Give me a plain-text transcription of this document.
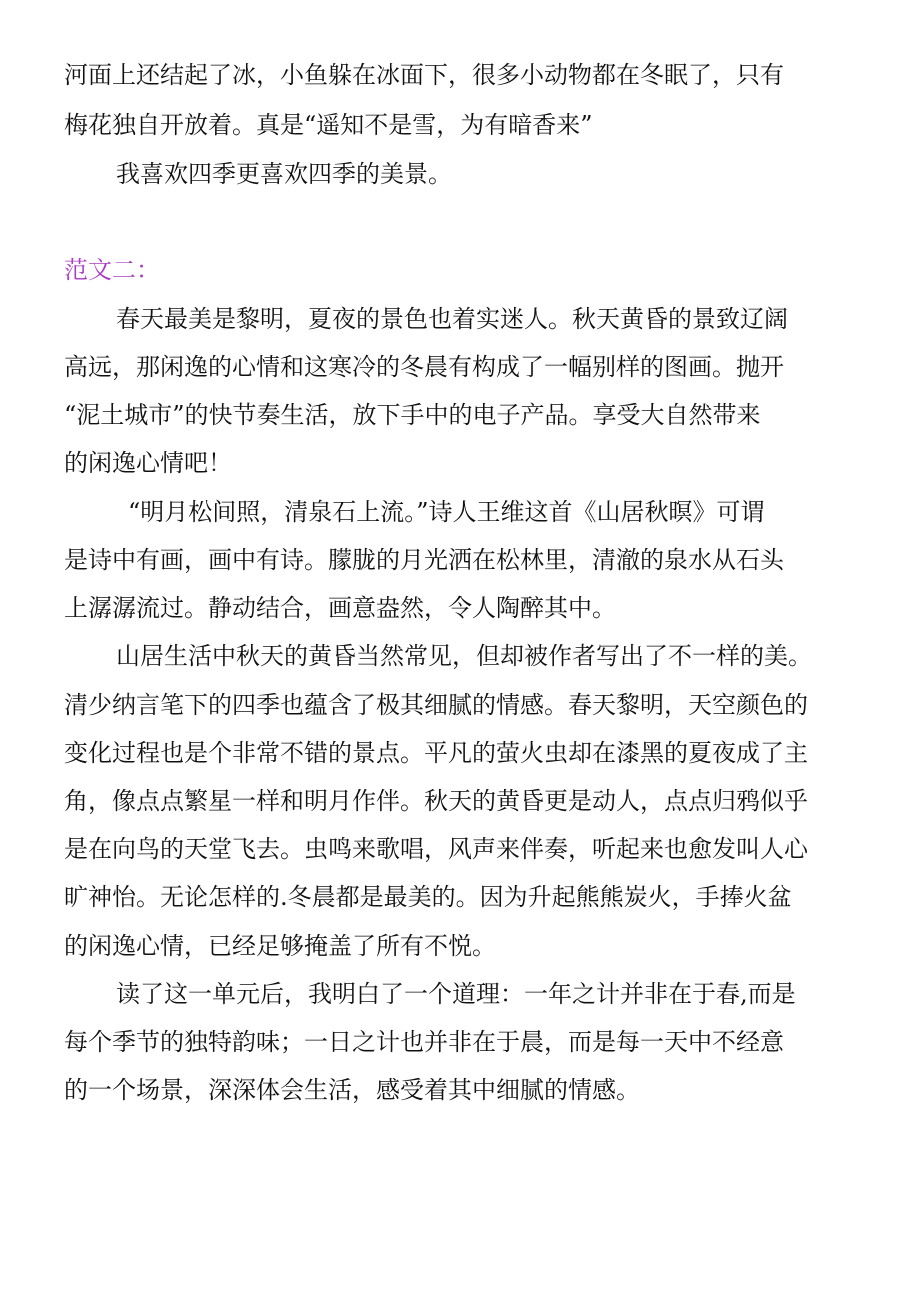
河面上还结起了冰，小鱼躲在冰面下，很多小动物都在冬眠了，只有
梅花独自开放着。真是“遥知不是雪，为有暗香来”
我喜欢四季更喜欢四季的美景。
范文二：
春天最美是黎明，夏夜的景色也着实迷人。秋天黄昏的景致辽阔
高远，那闲逸的心情和这寒冷的冬晨有构成了一幅别样的图画。抛开
“泥土城市”的快节奏生活，放下手中的电子产品。享受大自然带来
的闲逸心情吧！
“明月松间照，清泉石上流。”诗人王维这首《山居秋暝》可谓
是诗中有画，画中有诗。朦胧的月光洒在松林里，清澈的泉水从石头
上潺潺流过。静动结合，画意盎然，令人陶醉其中。
山居生活中秋天的黄昏当然常见，但却被作者写出了不一样的美。
清少纳言笔下的四季也蕴含了极其细腻的情感。春天黎明，天空颜色的
变化过程也是个非常不错的景点。平凡的萤火虫却在漆黑的夏夜成了主
角，像点点繁星一样和明月作伴。秋天的黄昏更是动人，点点归鸦似乎
是在向鸟的天堂飞去。虫鸣来歌唱，风声来伴奏，听起来也愈发叫人心
旷神怡。无论怎样的.冬晨都是最美的。因为升起熊熊炭火，手捧火盆
的闲逸心情，已经足够掩盖了所有不悦。
读了这一单元后，我明白了一个道理：一年之计并非在于春,而是
每个季节的独特韵味；一日之计也并非在于晨，而是每一天中不经意
的一个场景，深深体会生活，感受着其中细腻的情感。
